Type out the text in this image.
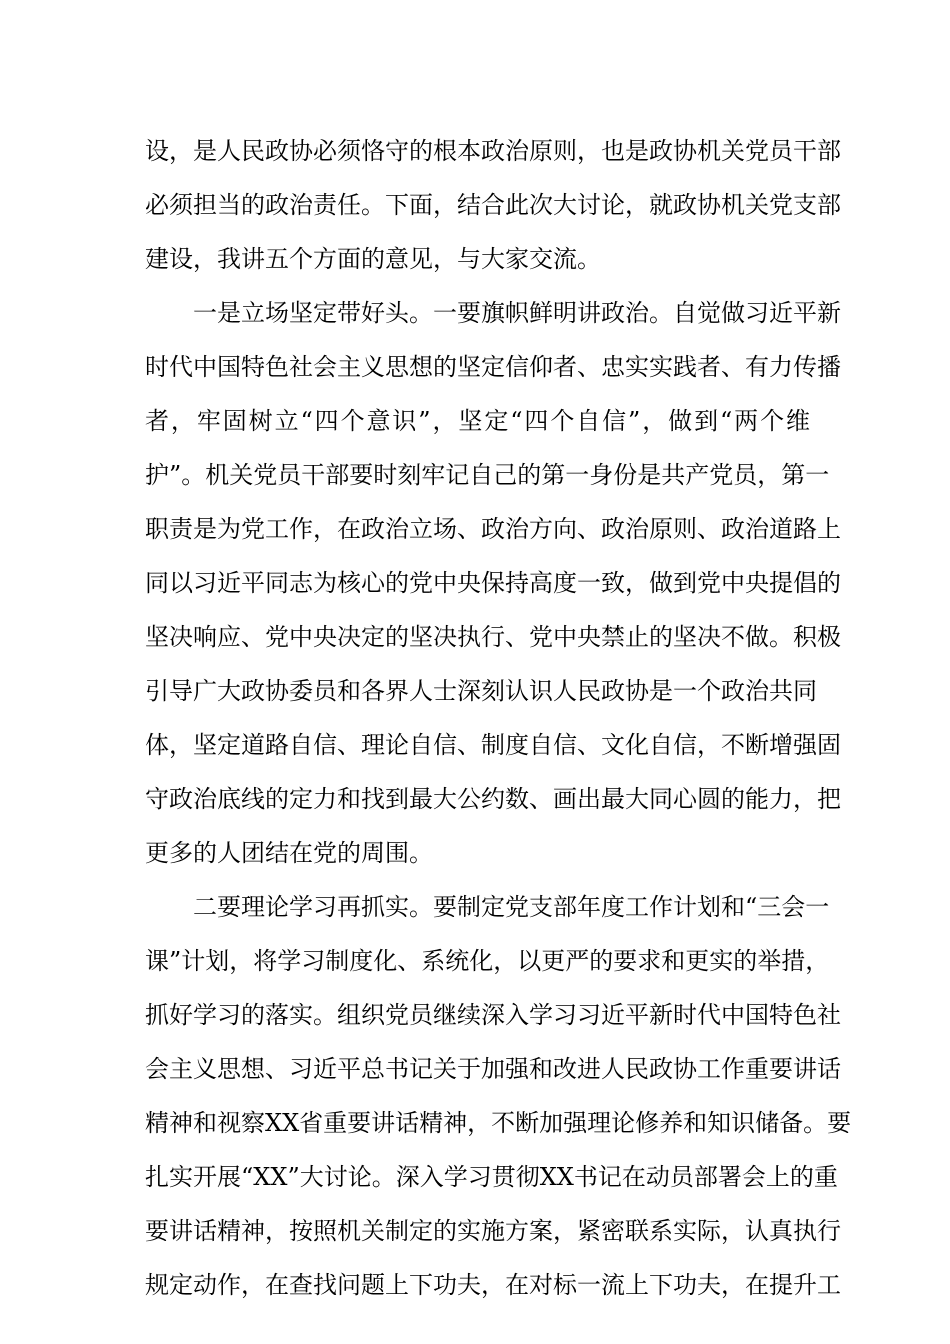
设，是人民政协必须恪守的根本政治原则，也是政协机关党员干部
必须担当的政治责任。下面，结合此次大讨论，就政协机关党支部
建设，我讲五个方面的意见，与大家交流。
一是立场坚定带好头。一要旗帜鲜明讲政治。自觉做习近平新
时代中国特色社会主义思想的坚定信仰者、忠实实践者、有力传播
者，牢固树立“四个意识”，坚定“四个自信”，做到“两个维
护”。机关党员干部要时刻牢记自己的第一身份是共产党员，第一
职责是为党工作，在政治立场、政治方向、政治原则、政治道路上
同以习近平同志为核心的党中央保持高度一致，做到党中央提倡的
坚决响应、党中央决定的坚决执行、党中央禁止的坚决不做。积极
引导广大政协委员和各界人士深刻认识人民政协是一个政治共同
体，坚定道路自信、理论自信、制度自信、文化自信，不断增强固
守政治底线的定力和找到最大公约数、画出最大同心圆的能力，把
更多的人团结在党的周围。
二要理论学习再抓实。要制定党支部年度工作计划和“三会一
课”计划，将学习制度化、系统化，以更严的要求和更实的举措，
抓好学习的落实。组织党员继续深入学习习近平新时代中国特色社
会主义思想、习近平总书记关于加强和改进人民政协工作重要讲话
精神和视察XX省重要讲话精神，不断加强理论修养和知识储备。要
扎实开展“XX”大讨论。深入学习贯彻XX书记在动员部署会上的重
要讲话精神，按照机关制定的实施方案，紧密联系实际，认真执行
规定动作，在查找问题上下功夫，在对标一流上下功夫，在提升工
